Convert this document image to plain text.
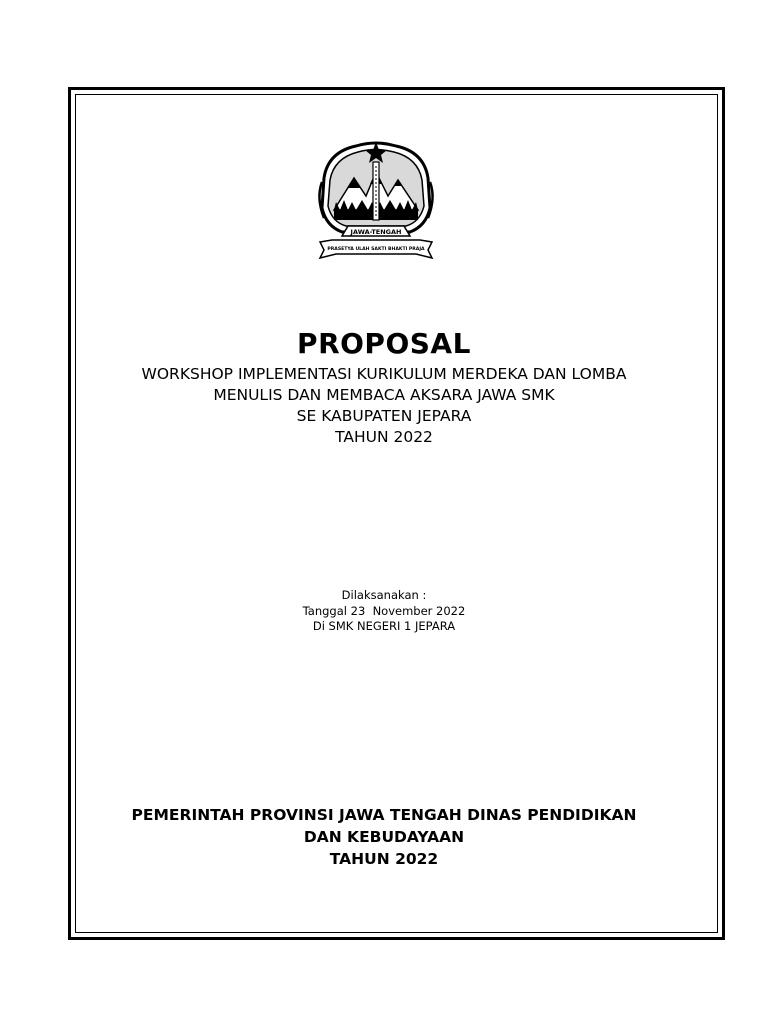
JAWA-TENGAH
PRASETYA ULAH SAKTI BHAKTI PRAJA
PROPOSAL
WORKSHOP IMPLEMENTASI KURIKULUM MERDEKA DAN LOMBA
MENULIS DAN MEMBACA AKSARA JAWA SMK
SE KABUPATEN JEPARA
TAHUN 2022
Dilaksanakan :
Tanggal 23  November 2022
Di SMK NEGERI 1 JEPARA
PEMERINTAH PROVINSI JAWA TENGAH DINAS PENDIDIKAN
DAN KEBUDAYAAN
TAHUN 2022
